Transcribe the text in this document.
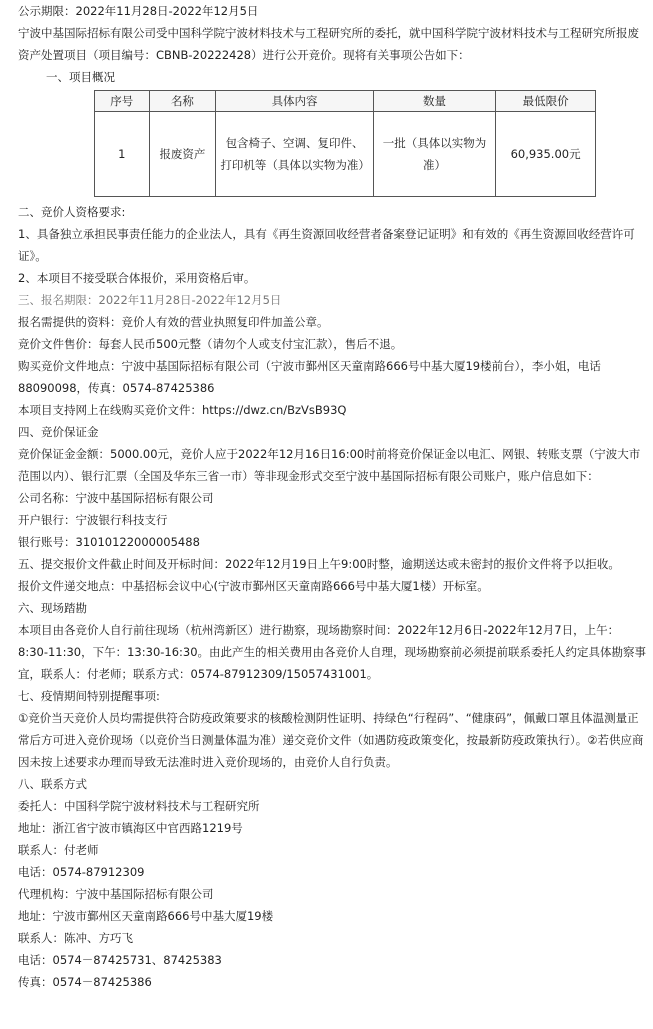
公示期限：2022年11月28日-2022年12月5日
宁波中基国际招标有限公司受中国科学院宁波材料技术与工程研究所的委托，就中国科学院宁波材料技术与工程研究所报废资产处置项目（项目编号：CBNB-20222428）进行公开竞价。现将有关事项公告如下：
一、项目概况
序号	名称	具体内容	数量	最低限价
1	报废资产	包含椅子、空调、复印件、打印机等（具体以实物为准）	一批（具体以实物为准）	60,935.00元
二、竞价人资格要求:
1、具备独立承担民事责任能力的企业法人，具有《再生资源回收经营者备案登记证明》和有效的《再生资源回收经营许可证》。
2、本项目不接受联合体报价，采用资格后审。
三、报名期限：2022年11月28日-2022年12月5日
报名需提供的资料：竞价人有效的营业执照复印件加盖公章。
竞价文件售价：每套人民币500元整（请勿个人或支付宝汇款），售后不退。
购买竞价文件地点：宁波中基国际招标有限公司（宁波市鄞州区天童南路666号中基大厦19楼前台），李小姐，电话88090098，传真：0574-87425386
本项目支持网上在线购买竞价文件：https://dwz.cn/BzVsB93Q
四、竞价保证金
竞价保证金金额：5000.00元，竞价人应于2022年12月16日16:00时前将竞价保证金以电汇、网银、转账支票（宁波大市范围以内）、银行汇票（全国及华东三省一市）等非现金形式交至宁波中基国际招标有限公司账户，账户信息如下：
公司名称：宁波中基国际招标有限公司
开户银行：宁波银行科技支行
银行账号：31010122000005488
五、提交报价文件截止时间及开标时间：2022年12月19日上午9:00时整，逾期送达或未密封的报价文件将予以拒收。
报价文件递交地点：中基招标会议中心(宁波市鄞州区天童南路666号中基大厦1楼）开标室。
六、现场踏勘
本项目由各竞价人自行前往现场（杭州湾新区）进行勘察，现场勘察时间：2022年12月6日-2022年12月7日，上午：8:30-11:30，下午：13:30-16:30。由此产生的相关费用由各竞价人自理，现场勘察前必须提前联系委托人约定具体勘察事宜，联系人：付老师；联系方式：0574-87912309/15057431001。
七、疫情期间特别提醒事项:
①竞价当天竞价人员均需提供符合防疫政策要求的核酸检测阴性证明、持绿色“行程码”、“健康码”，佩戴口罩且体温测量正常后方可进入竞价现场（以竞价当日测量体温为准）递交竞价文件（如遇防疫政策变化，按最新防疫政策执行）。②若供应商因未按上述要求办理而导致无法准时进入竞价现场的，由竞价人自行负责。
八、联系方式
委托人：中国科学院宁波材料技术与工程研究所
地址：浙江省宁波市镇海区中官西路1219号
联系人：付老师
电话：0574-87912309
代理机构：宁波中基国际招标有限公司
地址：宁波市鄞州区天童南路666号中基大厦19楼
联系人：陈冲、方巧飞
电话：0574－87425731、87425383
传真：0574－87425386
